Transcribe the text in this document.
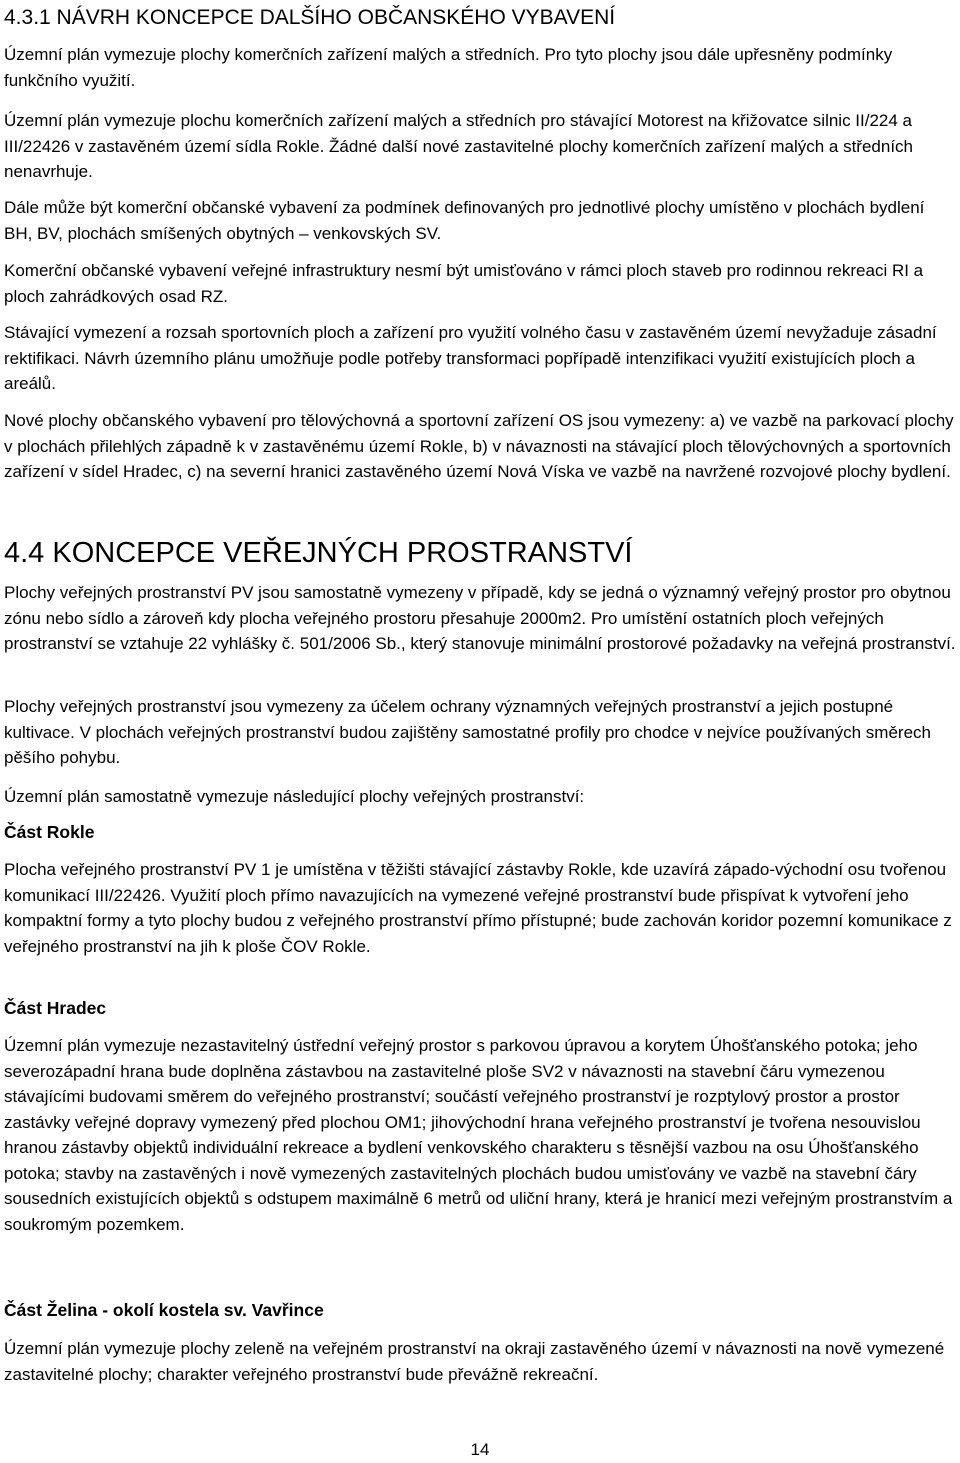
4.3.1 NÁVRH KONCEPCE DALŠÍHO OBČANSKÉHO VYBAVENÍ

Územní plán vymezuje plochy komerčních zařízení malých a středních. Pro tyto plochy jsou dále upřesněny podmínky funkčního využití.

Územní plán vymezuje plochu komerčních zařízení malých a středních pro stávající Motorest na křižovatce silnic II/224 a III/22426 v zastavěném území sídla Rokle. Žádné další nové zastavitelné plochy komerčních zařízení malých a středních nenavrhuje.

Dále může být komerční občanské vybavení za podmínek definovaných pro jednotlivé plochy umístěno v plochách bydlení BH, BV, plochách smíšených obytných – venkovských SV.

Komerční občanské vybavení veřejné infrastruktury nesmí být umisťováno v rámci ploch staveb pro rodinnou rekreaci RI a ploch zahrádkových osad RZ.

Stávající vymezení a rozsah sportovních ploch a zařízení pro využití volného času v zastavěném území nevyžaduje zásadní rektifikaci. Návrh územního plánu umožňuje podle potřeby transformaci popřípadě intenzifikaci využití existujících ploch a areálů.

Nové plochy občanského vybavení pro tělovýchovná a sportovní zařízení OS jsou vymezeny: a) ve vazbě na parkovací plochy v plochách přilehlých západně k v zastavěnému území Rokle, b) v návaznosti na stávající ploch tělovýchovných a sportovních zařízení v sídel Hradec, c) na severní hranici zastavěného území Nová Víska ve vazbě na navržené rozvojové plochy bydlení.

4.4 KONCEPCE VEŘEJNÝCH PROSTRANSTVÍ

Plochy veřejných prostranství PV jsou samostatně vymezeny v případě, kdy se jedná o významný veřejný prostor pro obytnou zónu nebo sídlo a zároveň kdy plocha veřejného prostoru přesahuje 2000m2. Pro umístění ostatních ploch veřejných prostranství se vztahuje 22 vyhlášky č. 501/2006 Sb., který stanovuje minimální prostorové požadavky na veřejná prostranství.

Plochy veřejných prostranství jsou vymezeny za účelem ochrany významných veřejných prostranství a jejich postupné kultivace. V plochách veřejných prostranství budou zajištěny samostatné profily pro chodce v nejvíce používaných směrech pěšího pohybu.

Územní plán samostatně vymezuje následující plochy veřejných prostranství:

Část Rokle

Plocha veřejného prostranství PV 1 je umístěna v těžišti stávající zástavby Rokle, kde uzavírá západo-východní osu tvořenou komunikací III/22426. Využití ploch přímo navazujících na vymezené veřejné prostranství bude přispívat k vytvoření jeho kompaktní formy a tyto plochy budou z veřejného prostranství přímo přístupné; bude zachován koridor pozemní komunikace z veřejného prostranství na jih k ploše ČOV Rokle.

Část Hradec

Územní plán vymezuje nezastavitelný ústřední veřejný prostor s parkovou úpravou a korytem Úhošťanského potoka; jeho severozápadní hrana bude doplněna zástavbou na zastavitelné ploše SV2 v návaznosti na stavební čáru vymezenou stávajícími budovami směrem do veřejného prostranství; součástí veřejného prostranství je rozptylový prostor a prostor zastávky veřejné dopravy vymezený před plochou OM1; jihovýchodní hrana veřejného prostranství je tvořena nesouvislou hranou zástavby objektů individuální rekreace a bydlení venkovského charakteru s těsnější vazbou na osu Úhošťanského potoka; stavby na zastavěných i nově vymezených zastavitelných plochách budou umisťovány ve vazbě na stavební čáry sousedních existujících objektů s odstupem maximálně 6 metrů od uliční hrany, která je hranicí mezi veřejným prostranstvím a soukromým pozemkem.

Část Želina - okolí kostela sv. Vavřince

Územní plán vymezuje plochy zeleně na veřejném prostranství na okraji zastavěného území v návaznosti na nově vymezené zastavitelné plochy; charakter veřejného prostranství bude převážně rekreační.

14
